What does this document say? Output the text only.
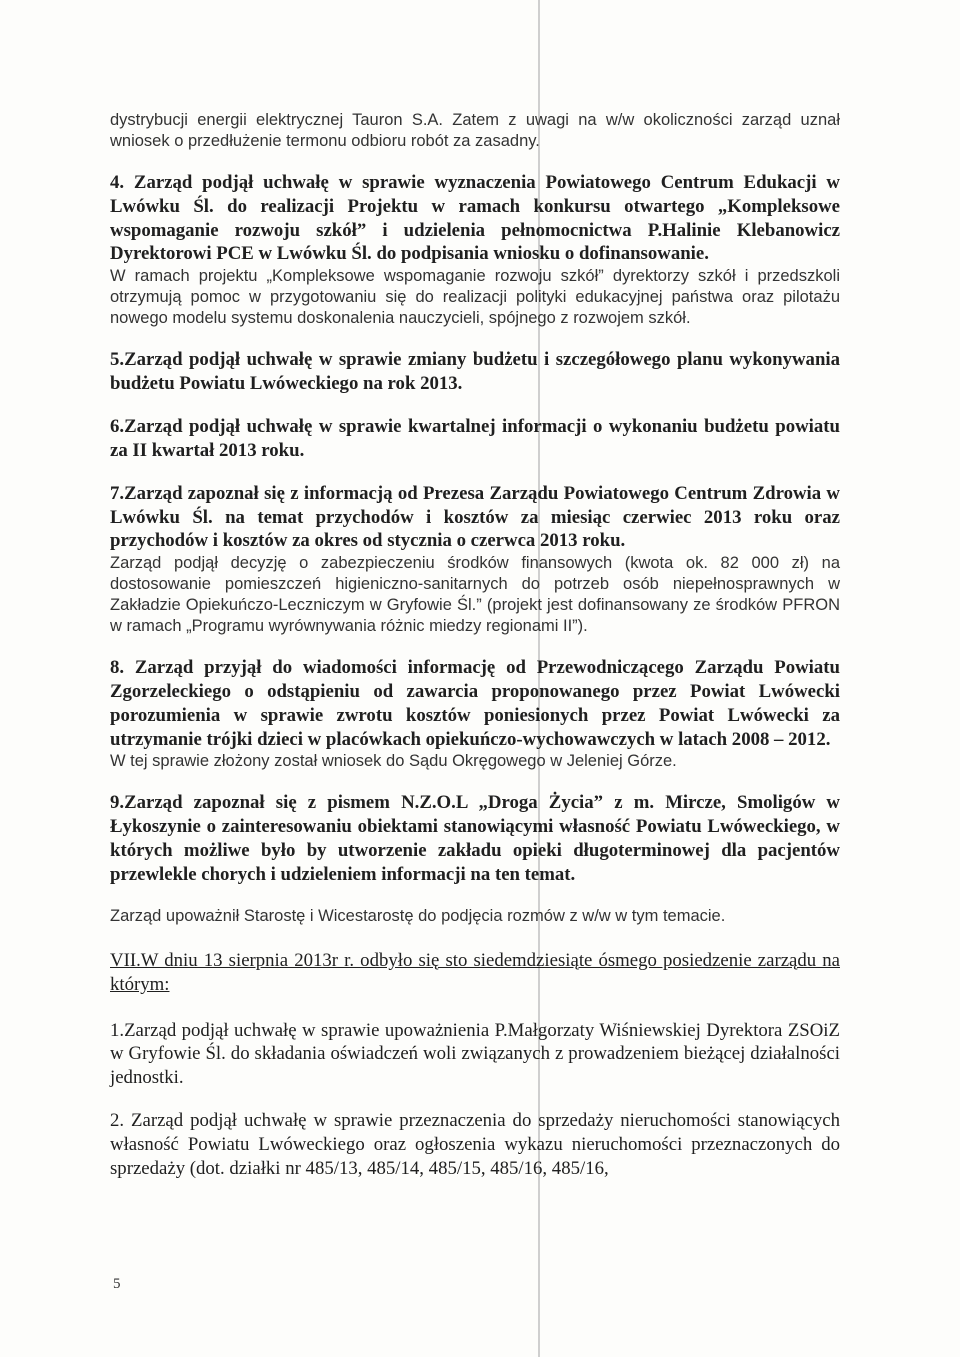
dystrybucji energii elektrycznej Tauron S.A. Zatem z uwagi na w/w okoliczności zarząd uznał wniosek o przedłużenie termonu odbioru robót za zasadny.

4. Zarząd podjął uchwałę w sprawie wyznaczenia Powiatowego Centrum Edukacji w Lwówku Śl. do realizacji Projektu w ramach konkursu otwartego „Kompleksowe wspomaganie rozwoju szkół” i udzielenia pełnomocnictwa P.Halinie Klebanowicz Dyrektorowi PCE w Lwówku Śl. do podpisania wniosku o dofinansowanie.

W ramach projektu „Kompleksowe wspomaganie rozwoju szkół” dyrektorzy szkół i przedszkoli otrzymują pomoc w przygotowaniu się do realizacji polityki edukacyjnej państwa oraz pilotażu nowego modelu systemu doskonalenia nauczycieli, spójnego z rozwojem szkół.

5.Zarząd podjął uchwałę w sprawie zmiany budżetu i szczegółowego planu wykonywania budżetu Powiatu Lwóweckiego na rok 2013.

6.Zarząd podjął uchwałę w sprawie kwartalnej informacji o wykonaniu budżetu powiatu za II kwartał 2013 roku.

7.Zarząd zapoznał się z informacją od Prezesa Zarządu Powiatowego Centrum Zdrowia w Lwówku Śl. na temat przychodów i kosztów za miesiąc czerwiec 2013 roku oraz przychodów i kosztów za okres od stycznia o czerwca 2013 roku.

Zarząd podjął decyzję o zabezpieczeniu środków finansowych (kwota ok. 82 000 zł) na dostosowanie pomieszczeń higieniczno-sanitarnych do potrzeb osób niepełnosprawnych w Zakładzie Opiekuńczo-Leczniczym w Gryfowie Śl.” (projekt jest dofinansowany ze środków PFRON w ramach „Programu wyrównywania różnic miedzy regionami II”).

8. Zarząd przyjął do wiadomości informację od Przewodniczącego Zarządu Powiatu Zgorzeleckiego o odstąpieniu od zawarcia proponowanego przez Powiat Lwówecki porozumienia w sprawie zwrotu kosztów poniesionych przez Powiat Lwówecki za utrzymanie trójki dzieci w placówkach opiekuńczo-wychowawczych w latach 2008 – 2012.

W tej sprawie złożony został wniosek do Sądu Okręgowego w Jeleniej Górze.

9.Zarząd zapoznał się z pismem N.Z.O.L „Droga Życia” z m. Mircze, Smoligów w Łykoszynie o zainteresowaniu obiektami stanowiącymi własność Powiatu Lwóweckiego, w których możliwe było by utworzenie zakładu opieki długoterminowej dla pacjentów przewlekle chorych i udzieleniem informacji na ten temat.

Zarząd upoważnił Starostę i Wicestarostę do podjęcia rozmów z w/w w tym temacie.

VII.W dniu 13 sierpnia 2013r r. odbyło się sto siedemdziesiąte ósmego posiedzenie zarządu na którym:

1.Zarząd podjął uchwałę w sprawie upoważnienia P.Małgorzaty Wiśniewskiej Dyrektora ZSOiZ w Gryfowie Śl. do składania oświadczeń woli związanych z prowadzeniem bieżącej działalności jednostki.

2. Zarząd podjął uchwałę w sprawie przeznaczenia do sprzedaży nieruchomości stanowiących własność Powiatu Lwóweckiego oraz ogłoszenia wykazu nieruchomości przeznaczonych do sprzedaży (dot. działki nr 485/13, 485/14, 485/15, 485/16, 485/16,

5
